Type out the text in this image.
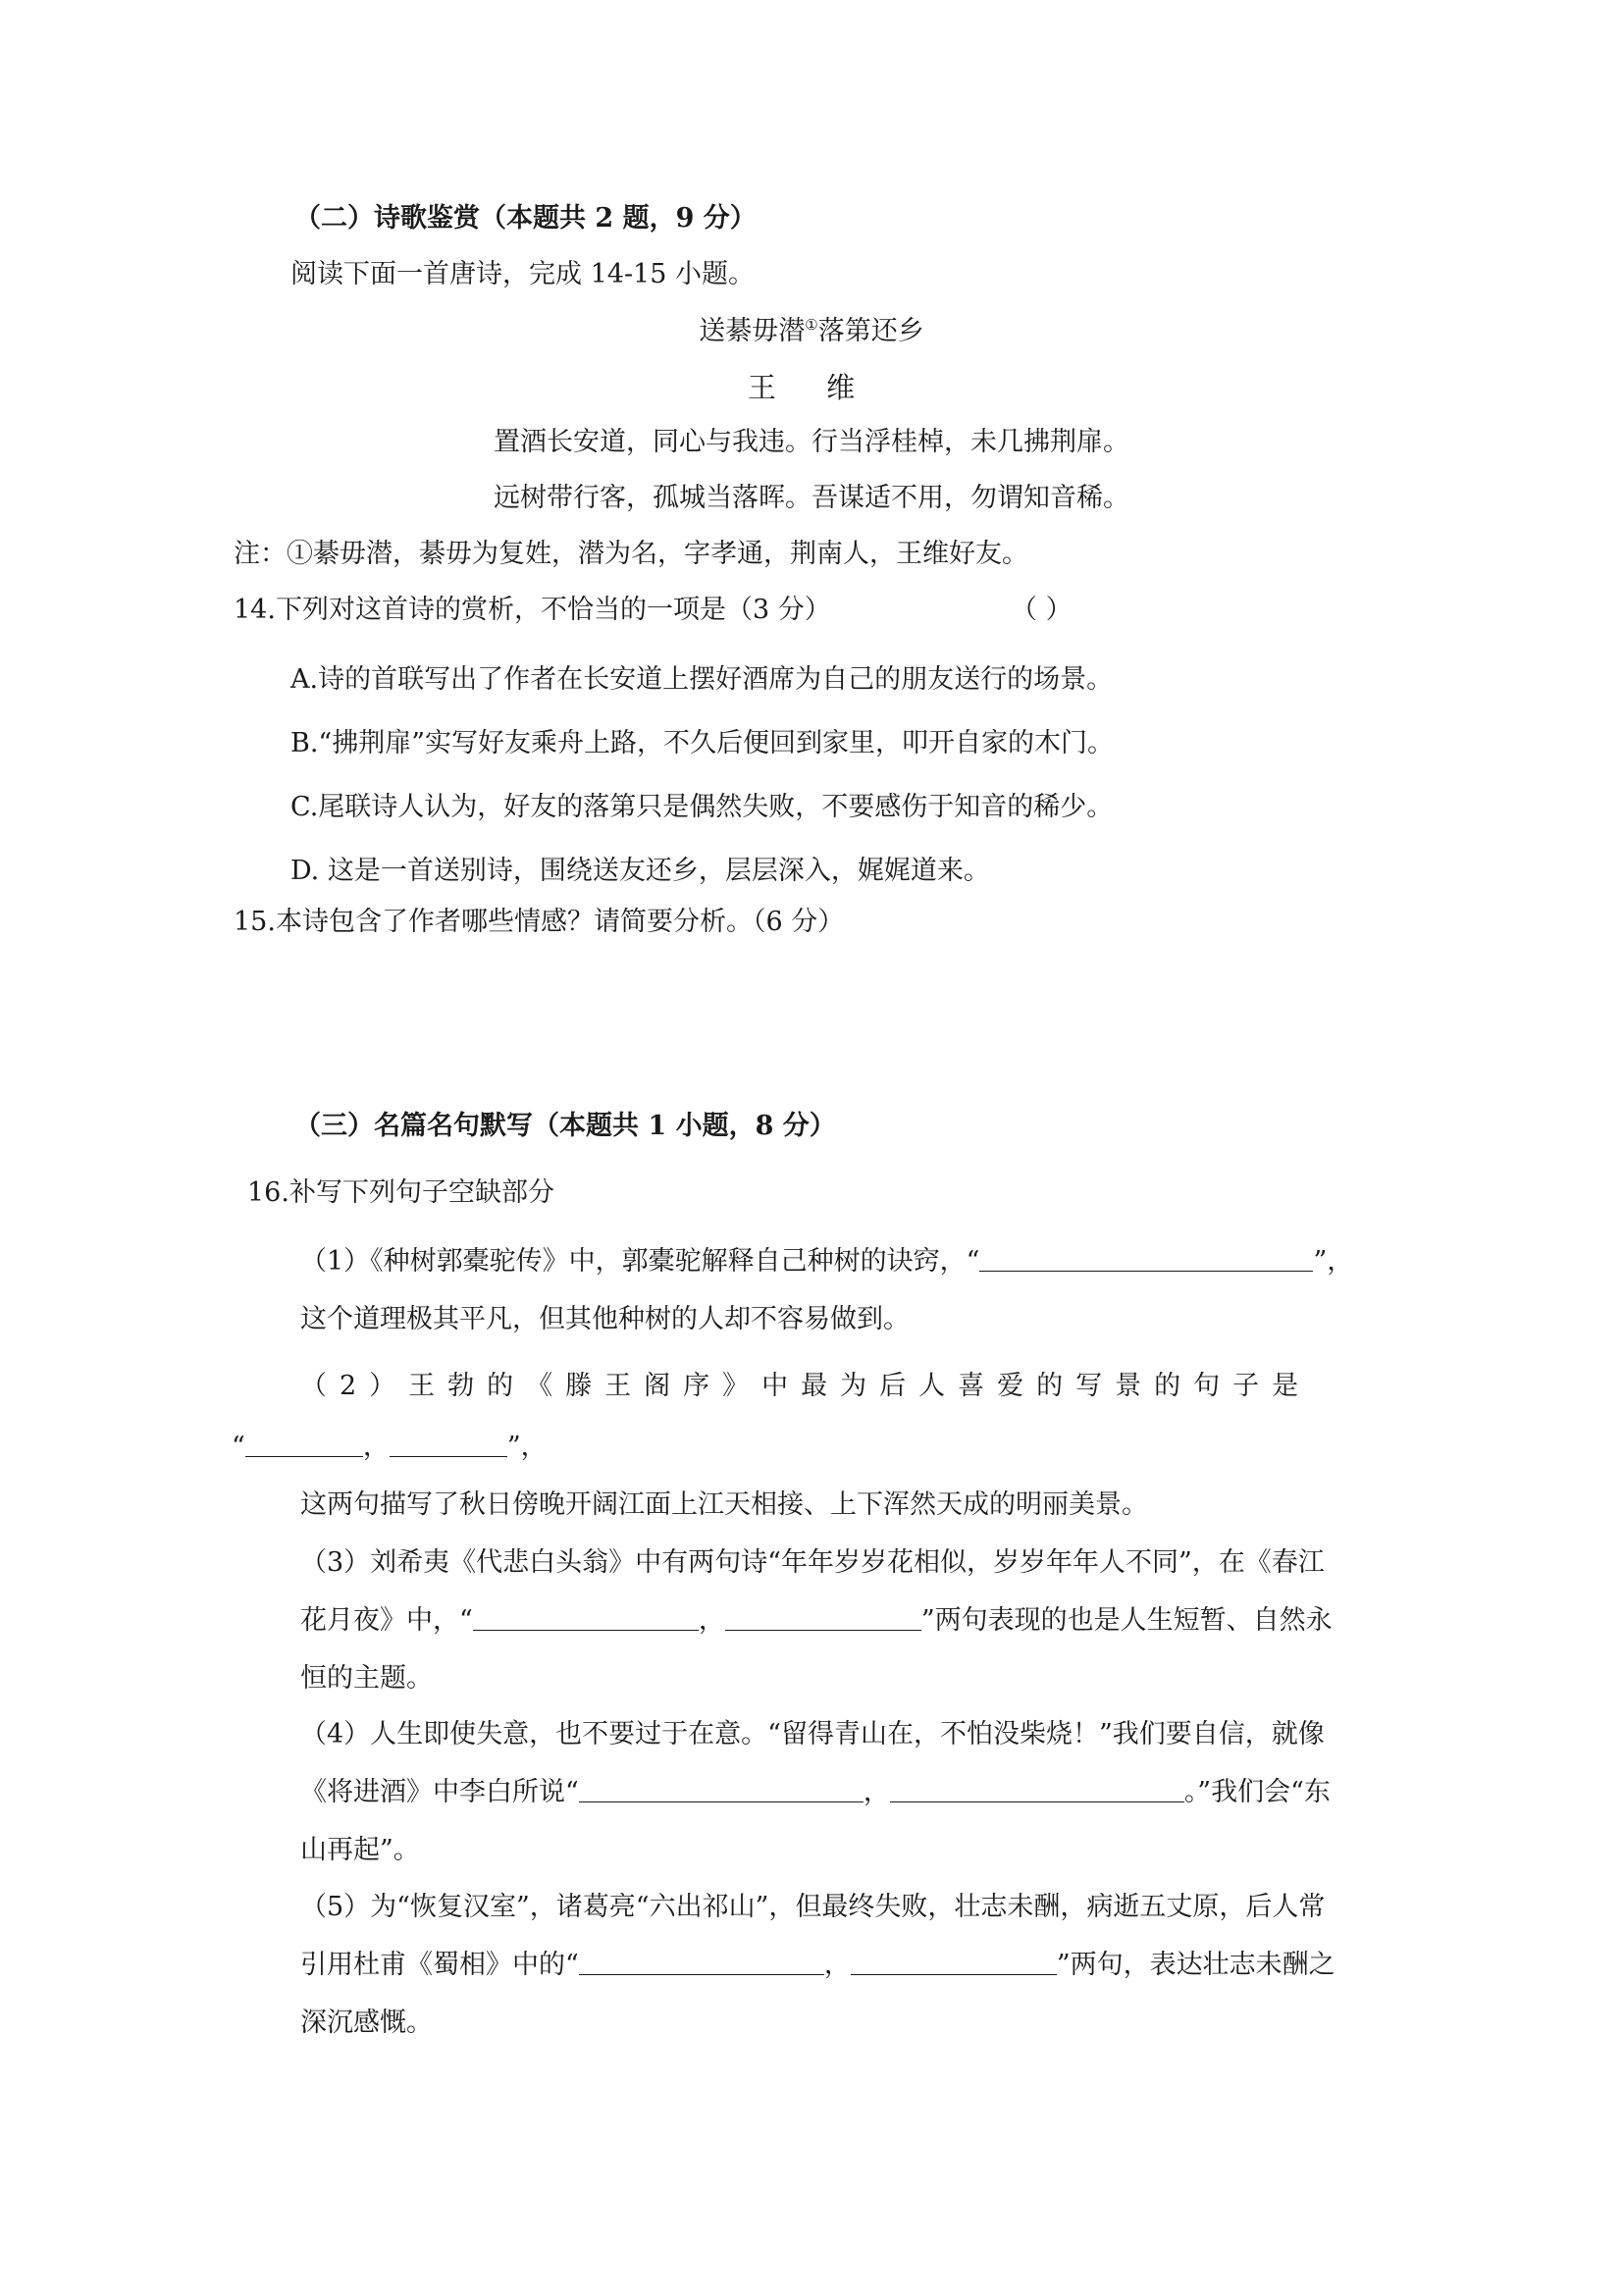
（二）诗歌鉴赏（本题共 2 题，9 分）

阅读下面一首唐诗，完成 14-15 小题。

送綦毋潜①落第还乡

王 维

置酒长安道，同心与我违。行当浮桂棹，未几拂荆扉。

远树带行客，孤城当落晖。吾谋适不用，勿谓知音稀。

注：①綦毋潜，綦毋为复姓，潜为名，字孝通，荆南人，王维好友。

14.下列对这首诗的赏析，不恰当的一项是（3 分）	（ ）

A.诗的首联写出了作者在长安道上摆好酒席为自己的朋友送行的场景。

B.“拂荆扉”实写好友乘舟上路，不久后便回到家里，叩开自家的木门。

C.尾联诗人认为，好友的落第只是偶然失败，不要感伤于知音的稀少。

D. 这是一首送别诗，围绕送友还乡，层层深入，娓娓道来。

15.本诗包含了作者哪些情感？请简要分析。（6 分）

（三）名篇名句默写（本题共 1 小题，8 分）

16.补写下列句子空缺部分

（1）《种树郭橐驼传》中，郭橐驼解释自己种树的诀窍，“	”，

这个道理极其平凡，但其他种树的人却不容易做到。

（2）王勃的《滕王阁序》中最为后人喜爱的写景的句子是

“	，	”，

这两句描写了秋日傍晚开阔江面上江天相接、上下浑然天成的明丽美景。

（3）刘希夷《代悲白头翁》中有两句诗“年年岁岁花相似，岁岁年年人不同”，在《春江

花月夜》中，“	，	”两句表现的也是人生短暂、自然永

恒的主题。

（4）人生即使失意，也不要过于在意。“留得青山在，不怕没柴烧！”我们要自信，就像

《将进酒》中李白所说“	，	。”我们会“东

山再起”。

（5）为“恢复汉室”，诸葛亮“六出祁山”，但最终失败，壮志未酬，病逝五丈原，后人常

引用杜甫《蜀相》中的“	，	”两句，表达壮志未酬之

深沉感慨。
